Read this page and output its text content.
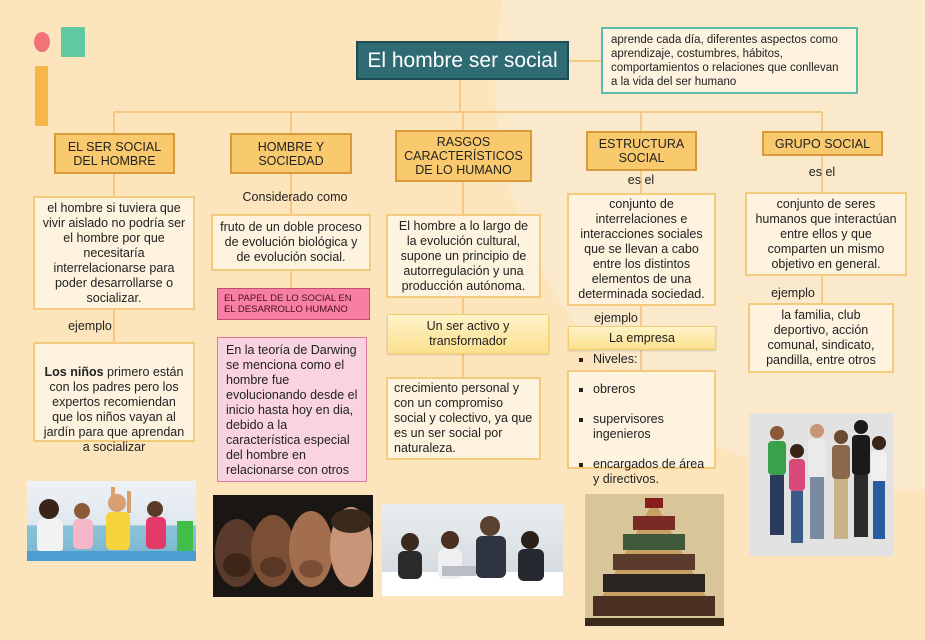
El hombre ser social
aprende cada día, diferentes aspectos como aprendizaje, costumbres, hábitos, comportamientos o relaciones que conllevan a la vida del ser humano
EL SER SOCIAL
DEL HOMBRE
el hombre si tuviera que vivir aislado no podría ser el hombre por que necesitaría interrelacionarse para poder desarrollarse o socializar.
ejemplo

Los niños primero están con los padres pero los expertos recomiendan que los niños vayan al jardín para que aprendan a socializar

HOMBRE Y
SOCIEDAD
Considerado como
fruto de un doble proceso de evolución biológica y de evolución social.
EL PAPEL DE LO SOCIAL EN
EL DESARROLLO HUMANO
En la teoría de Darwing se menciona como el hombre fue evolucionando desde el inicio hasta hoy en dia, debido a la característica especial del hombre en relacionarse con otros
RASGOS
CARACTERÍSTICOS
DE LO HUMANO
El hombre a lo largo de la evolución cultural, supone un principio de autorregulación y una producción autónoma.
Un ser activo y
transformador
crecimiento personal y con un compromiso social y colectivo, ya que es un ser social por naturaleza.
ESTRUCTURA
SOCIAL
es el
conjunto de interrelaciones e interacciones sociales que se llevan a cabo entre los distintos elementos de una determinada sociedad.
ejemplo
La empresa

▪ Niveles:

▪ obreros

▪ supervisores ingenieros

▪ encargados de área y directivos.

GRUPO SOCIAL
es el
conjunto de seres humanos que interactúan entre ellos y que comparten un mismo objetivo en general.
ejemplo
la familia, club deportivo, acción comunal, sindicato, pandilla, entre otros
